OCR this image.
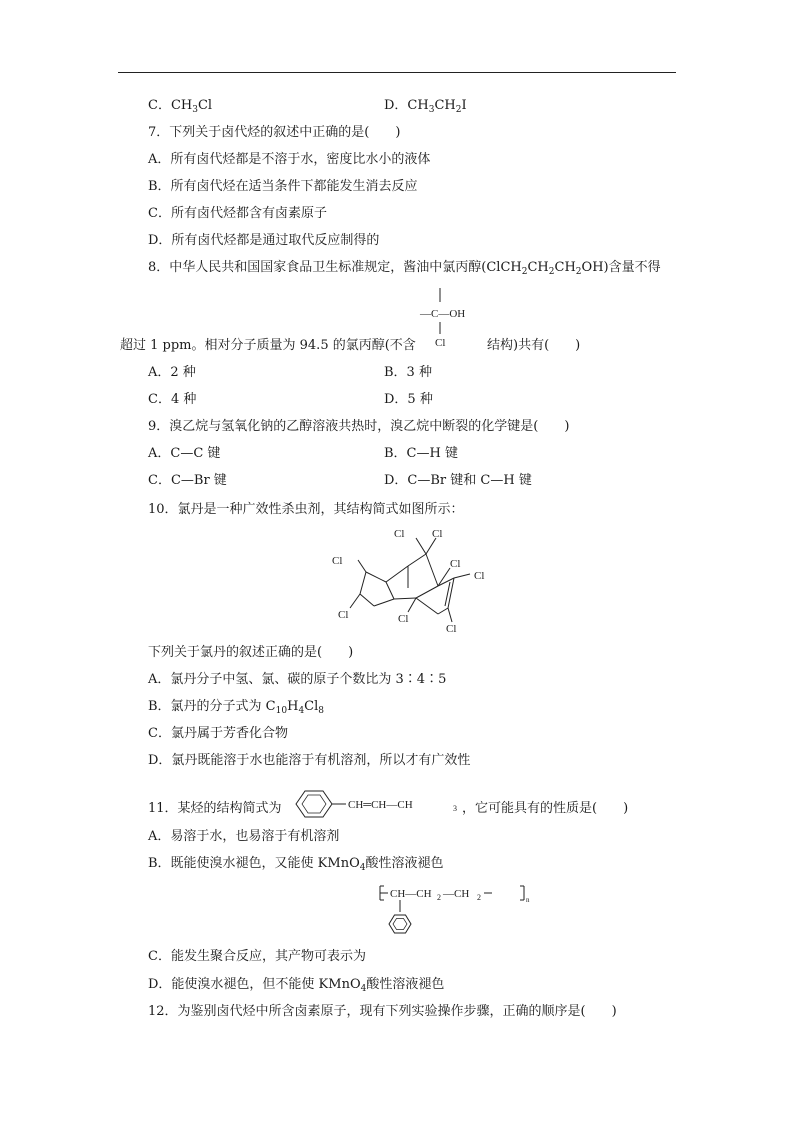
C．$CH_3Cl$	D．$CH_3CH_2I$
7．下列关于卤代烃的叙述中正确的是(　　)
A．所有卤代烃都是不溶于水，密度比水小的液体
B．所有卤代烃在适当条件下都能发生消去反应
C．所有卤代烃都含有卤素原子
D．所有卤代烃都是通过取代反应制得的
8．中华人民共和国国家食品卫生标准规定，酱油中氯丙醇$(ClCH_2CH_2CH_2OH)$含量不得
—C—OH
Cl
超过 1 ppm。相对分子质量为 94.5 的氯丙醇(不含	结构)共有(　　)
A．2 种	B．3 种
C．4 种	D．5 种
9．溴乙烷与氢氧化钠的乙醇溶液共热时，溴乙烷中断裂的化学键是(　　)
A．C—C 键	B．C—H 键
C．C—Br 键	D．C—Br 键和 C—H 键
10．氯丹是一种广效性杀虫剂，其结构简式如图所示：
Cl	Cl
Cl
Cl
Cl
Cl
Cl	Cl
下列关于氯丹的叙述正确的是(　　)
A．氯丹分子中氢、氯、碳的原子个数比为 3∶4∶5
B．氯丹的分子式为 $C_{10}H_4Cl_8$
C．氯丹属于芳香化合物
D．氯丹既能溶于水也能溶于有机溶剂，所以才有广效性
11．某烃的结构简式为	CH═CH—CH	3 ，它可能具有的性质是(　　)
A．易溶于水，也易溶于有机溶剂
B．既能使溴水褪色，又能使 KMnO$_4$酸性溶液褪色
CH—CH 2 —CH 2	n
C．能发生聚合反应，其产物可表示为
D．能使溴水褪色，但不能使 KMnO$_4$酸性溶液褪色
12．为鉴别卤代烃中所含卤素原子，现有下列实验操作步骤，正确的顺序是(　　)
